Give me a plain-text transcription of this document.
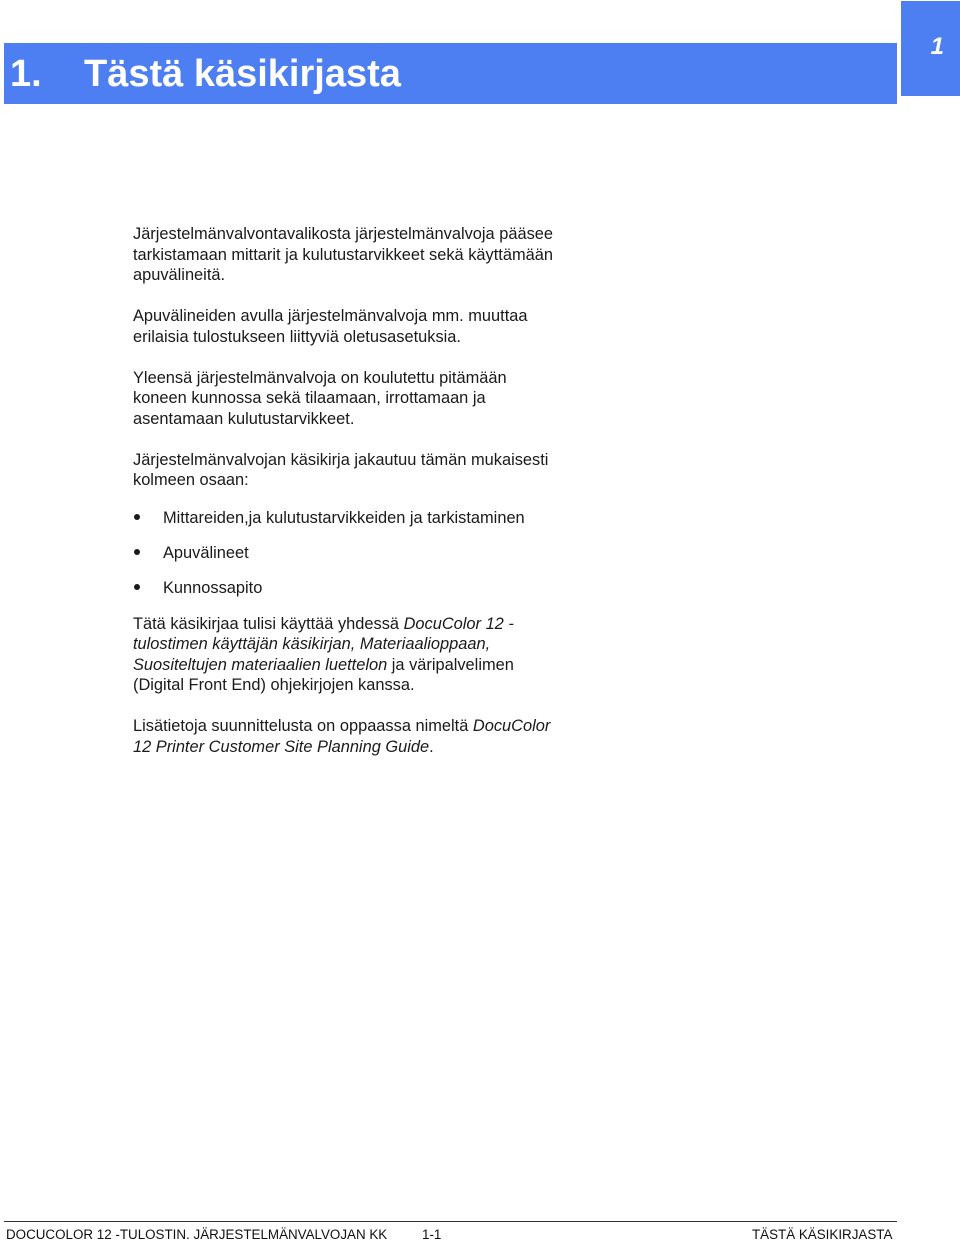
1. Tästä käsikirjasta
1

Järjestelmänvalvontavalikosta järjestelmänvalvoja pääsee tarkistamaan mittarit ja kulutustarvikkeet sekä käyttämään apuvälineitä.

Apuvälineiden avulla järjestelmänvalvoja mm. muuttaa erilaisia tulostukseen liittyviä oletusasetuksia.

Yleensä järjestelmänvalvoja on koulutettu pitämään koneen kunnossa sekä tilaamaan, irrottamaan ja asentamaan kulutustarvikkeet.

Järjestelmänvalvojan käsikirja jakautuu tämän mukaisesti kolmeen osaan:

Mittareiden,ja kulutustarvikkeiden ja tarkistaminen
Apuvälineet
Kunnossapito

Tätä käsikirjaa tulisi käyttää yhdessä DocuColor 12 -tulostimen käyttäjän käsikirjan, Materiaalioppaan, Suositeltujen materiaalien luettelon ja väripalvelimen (Digital Front End) ohjekirjojen kanssa.

Lisätietoja suunnittelusta on oppaassa nimeltä DocuColor 12 Printer Customer Site Planning Guide.

DOCUCOLOR 12 -TULOSTIN. JÄRJESTELMÄNVALVOJAN KK	1-1	TÄSTÄ KÄSIKIRJASTA
